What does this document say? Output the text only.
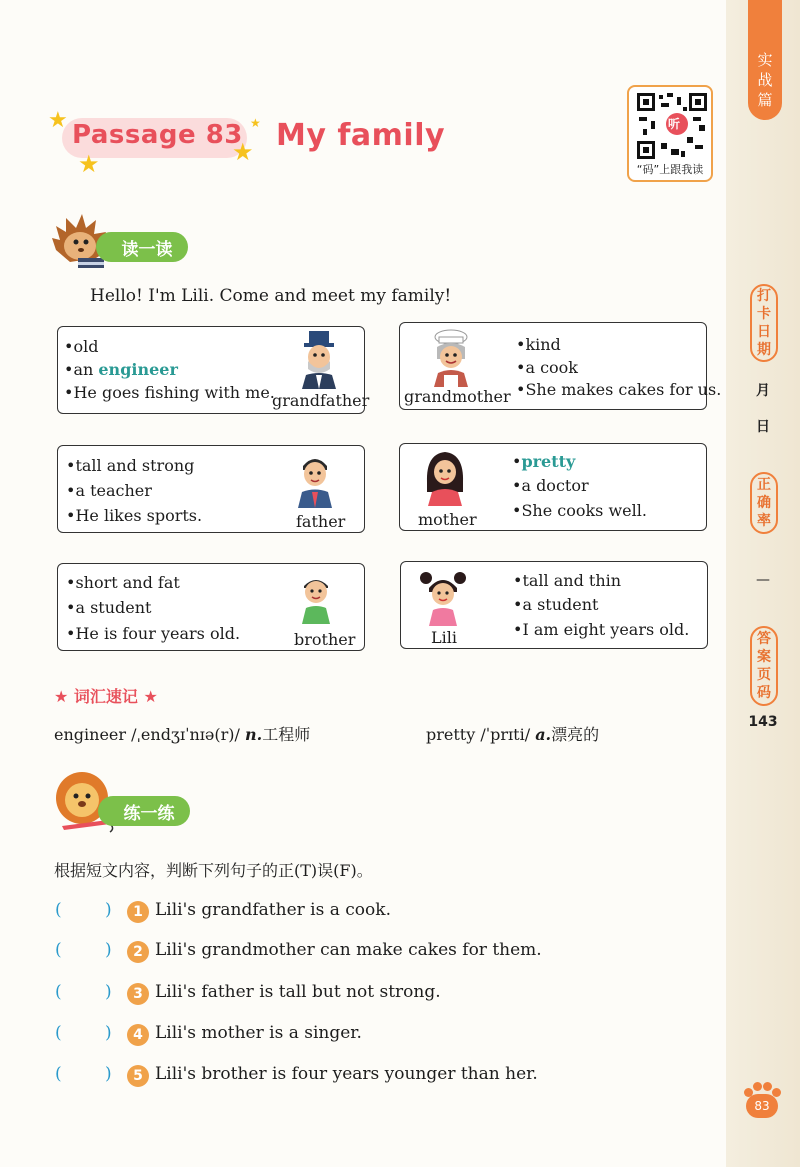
实
战
篇
打
卡
日
期
月
日
正
确
率
—
答
案
页
码
143
83
★
★	★
★
Passage 83 My family	听
“码”上跟我读
读一读
Hello! I'm Lili. Come and meet my family!
•old
•an engineer
•He goes fishing with me.
grandfather grandmother
•kind
•a cook
•She makes cakes for us.
•tall and strong
•a teacher
•He likes sports.	father	mother
•pretty
•a doctor
•She cooks well.
•short and fat
•a student
•He is four years old.	brother	Lili
•tall and thin
•a student
•I am eight years old.
★ 词汇速记 ★
engineer /ˌendʒɪˈnɪə(r)/ n.工程师	pretty /ˈprɪti/ a.漂亮的
练一练
根据短文内容，判断下列句子的正(T)误(F)。
(	)	1 Lili's grandfather is a cook.
(	)	2 Lili's grandmother can make cakes for them.
(	)	3 Lili's father is tall but not strong.
(	)	4 Lili's mother is a singer.
(	)	5 Lili's brother is four years younger than her.
